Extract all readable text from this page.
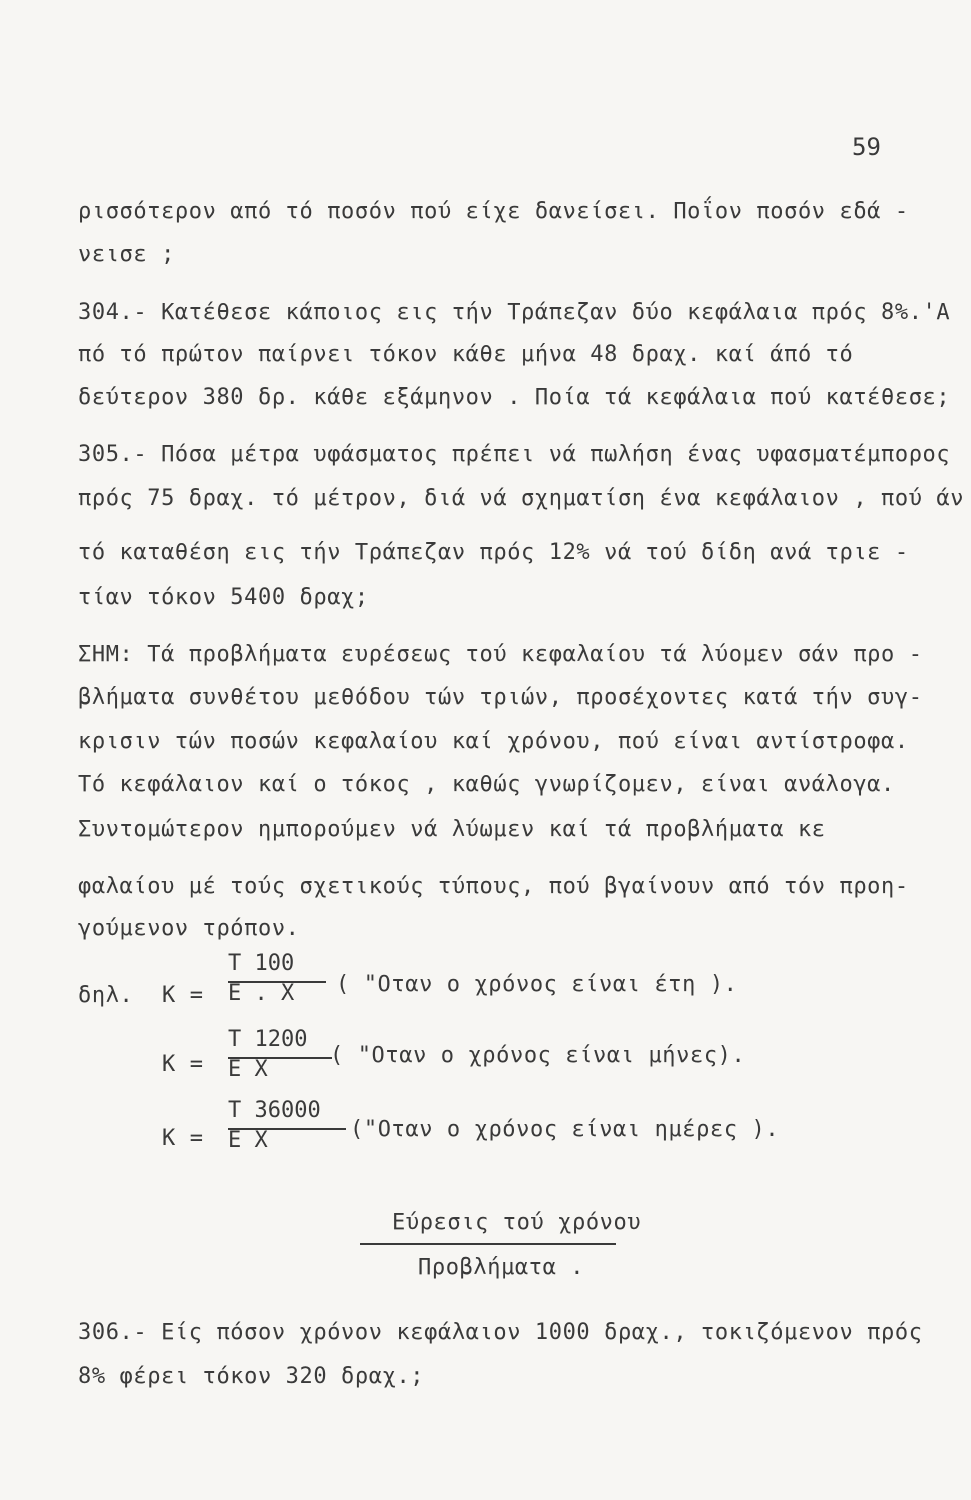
59
ρισσότερον από τό ποσόν πού είχε δανείσει. Ποΐον ποσόν εδά -
νεισε ;
304.- Κατέθεσε κάποιος εις τήν Τράπεζαν δύο κεφάλαια πρός 8%.'Α
πό τό πρώτον παίρνει τόκον κάθε μήνα 48 δραχ. καί άπό τό
δεύτερον 380 δρ. κάθε εξάμηνον . Ποία τά κεφάλαια πού κατέθεσε;
305.- Πόσα μέτρα υφάσματος πρέπει νά πωλήση ένας υφασματέμπορος
πρός 75 δραχ. τό μέτρον, διά νά σχηματίση ένα κεφάλαιον , πού άν
τό καταθέση εις τήν Τράπεζαν πρός 12% νά τού δίδη ανά τριε -
τίαν τόκον 5400 δραχ;
ΣΗΜ: Τά προβλήματα ευρέσεως τού κεφαλαίου τά λύομεν σάν προ -
βλήματα συνθέτου μεθόδου τών τριών, προσέχοντες κατά τήν συγ-
κρισιν τών ποσών κεφαλαίου καί χρόνου, πού είναι αντίστροφα.
Τό κεφάλαιον καί ο τόκος , καθώς γνωρίζομεν, είναι ανάλογα.
Συντομώτερον ημπορούμεν νά λύωμεν καί τά προβλήματα κε
φαλαίου μέ τούς σχετικούς τύπους, πού βγαίνουν από τόν προη-
γούμενον τρόπον.
δηλ. K =
T 100
E . X ( "Οταν ο χρόνος είναι έτη ).
K =
T 1200
E X
( "Οταν ο χρόνος είναι μήνες).
K =
T 36000
E X	("Οταν ο χρόνος είναι ημέρες ).
Εύρεσις τού χρόνου
Προβλήματα .
306.- Είς πόσον χρόνον κεφάλαιον 1000 δραχ., τοκιζόμενον πρός
8% φέρει τόκον 320 δραχ.;
